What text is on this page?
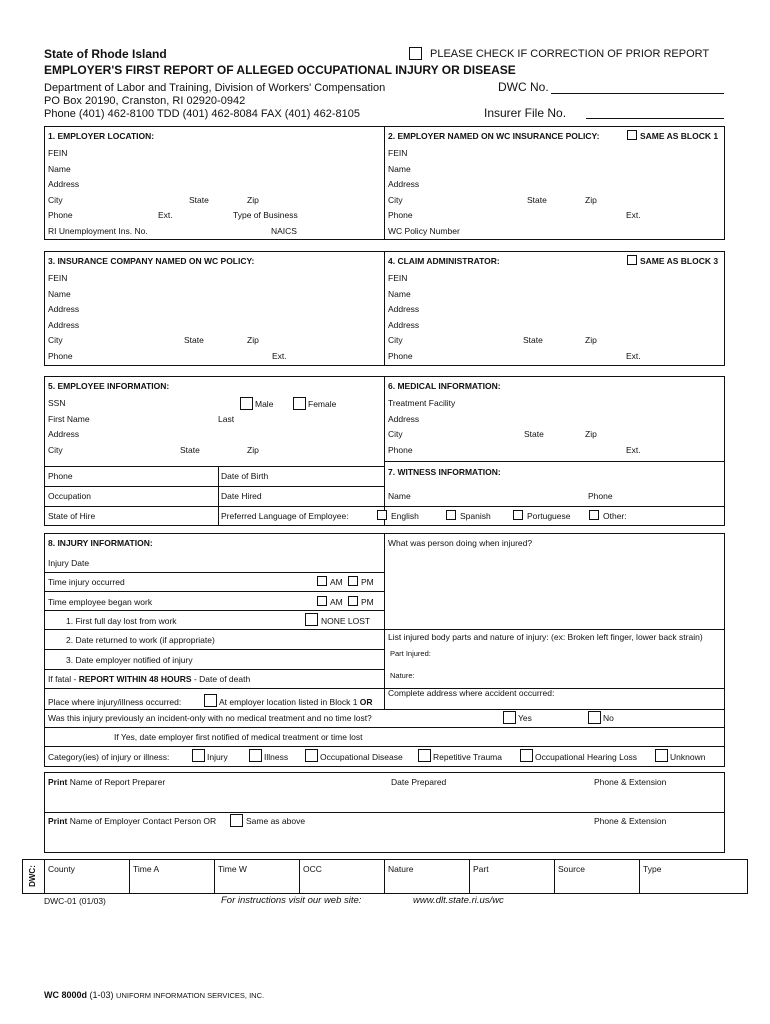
State of Rhode Island	PLEASE CHECK IF CORRECTION OF PRIOR REPORT
EMPLOYER'S FIRST REPORT OF ALLEGED OCCUPATIONAL INJURY OR DISEASE
Department of Labor and Training, Division of Workers' Compensation
PO Box 20190, Cranston, RI 02920-0942
Phone (401) 462-8100 TDD (401) 462-8084 FAX (401) 462-8105
DWC No.
Insurer File No.
1. EMPLOYER LOCATION:
FEIN
Name
Address
City	State	Zip
Phone	Ext.	Type of Business
RI Unemployment Ins. No.	NAICS
2. EMPLOYER NAMED ON WC INSURANCE POLICY:	SAME AS BLOCK 1
FEIN
Name
Address
City	State	Zip
Phone	Ext.
WC Policy Number
3. INSURANCE COMPANY NAMED ON WC POLICY:
FEIN
Name
Address
Address
City	State	Zip
Phone	Ext.
4. CLAIM ADMINISTRATOR:	SAME AS BLOCK 3
FEIN
Name
Address
Address
City	State	Zip
Phone	Ext.
5. EMPLOYEE INFORMATION:
SSN	Male	Female
First Name	Last
Address
City	State	Zip
Phone	Date of Birth
Occupation	Date Hired
State of Hire	Preferred Language of Employee:
6. MEDICAL INFORMATION:
Treatment Facility
Address
City	State	Zip
Phone	Ext.
7. WITNESS INFORMATION:
Name	Phone
English	Spanish	Portuguese	Other:
8. INJURY INFORMATION:	What was person doing when injured?
Injury Date
Time injury occurred	AM PM
Time employee began work	AM PM
1. First full day lost from work	NONE LOST
2. Date returned to work (if appropriate)
3. Date employer notified of injury
If fatal - REPORT WITHIN 48 HOURS - Date of death
List injured body parts and nature of injury: (ex: Broken left finger, lower back strain)
Part Injured:
Nature:
Complete address where accident occurred:
Place where injury/illness occurred:	At employer location listed in Block 1 OR
Was this injury previously an incident-only with no medical treatment and no time lost?	Yes	No
If Yes, date employer first notified of medical treatment or time lost
Category(ies) of injury or illness:	Injury	Illness	Occupational Disease	Repetitive Trauma	Occupational Hearing Loss	Unknown
Print Name of Report Preparer	Date Prepared	Phone & Extension
Print Name of Employer Contact Person OR	Same as above	Phone & Extension
DWC: County	Time A	Time W	OCC	Nature	Part	Source	Type
DWC-01 (01/03)	For instructions visit our web site:	www.dlt.state.ri.us/wc
WC 8000d (1-03) UNIFORM INFORMATION SERVICES, INC.
